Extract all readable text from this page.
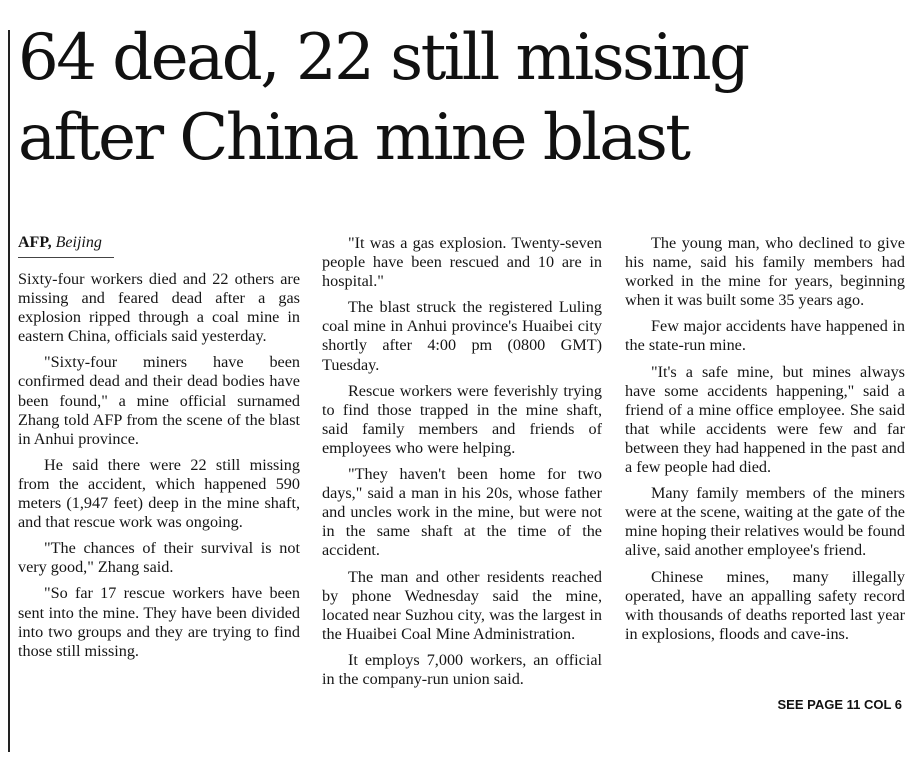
64 dead, 22 still missing
after China mine blast
AFP, Beijing

Sixty-four workers died and 22 others are missing and feared dead after a gas explosion ripped through a coal mine in eastern China, officials said yesterday.

"Sixty-four miners have been confirmed dead and their dead bodies have been found," a mine official surnamed Zhang told AFP from the scene of the blast in Anhui province.

He said there were 22 still missing from the accident, which happened 590 meters (1,947 feet) deep in the mine shaft, and that rescue work was ongoing.

"The chances of their survival is not very good," Zhang said.

"So far 17 rescue workers have been sent into the mine. They have been divided into two groups and they are trying to find those still missing.

"It was a gas explosion. Twenty-seven people have been rescued and 10 are in hospital."

The blast struck the registered Luling coal mine in Anhui province's Huaibei city shortly after 4:00 pm (0800 GMT) Tuesday.

Rescue workers were feverishly trying to find those trapped in the mine shaft, said family members and friends of employees who were helping.

"They haven't been home for two days," said a man in his 20s, whose father and uncles work in the mine, but were not in the same shaft at the time of the accident.

The man and other residents reached by phone Wednesday said the mine, located near Suzhou city, was the largest in the Huaibei Coal Mine Administration.

It employs 7,000 workers, an official in the company-run union said.

The young man, who declined to give his name, said his family members had worked in the mine for years, beginning when it was built some 35 years ago.

Few major accidents have happened in the state-run mine.

"It's a safe mine, but mines always have some accidents happening," said a friend of a mine office employee. She said that while accidents were few and far between they had happened in the past and a few people had died.

Many family members of the miners were at the scene, waiting at the gate of the mine hoping their relatives would be found alive, said another employee's friend.

Chinese mines, many illegally operated, have an appalling safety record with thousands of deaths reported last year in explosions, floods and cave-ins.

SEE PAGE 11 COL 6
